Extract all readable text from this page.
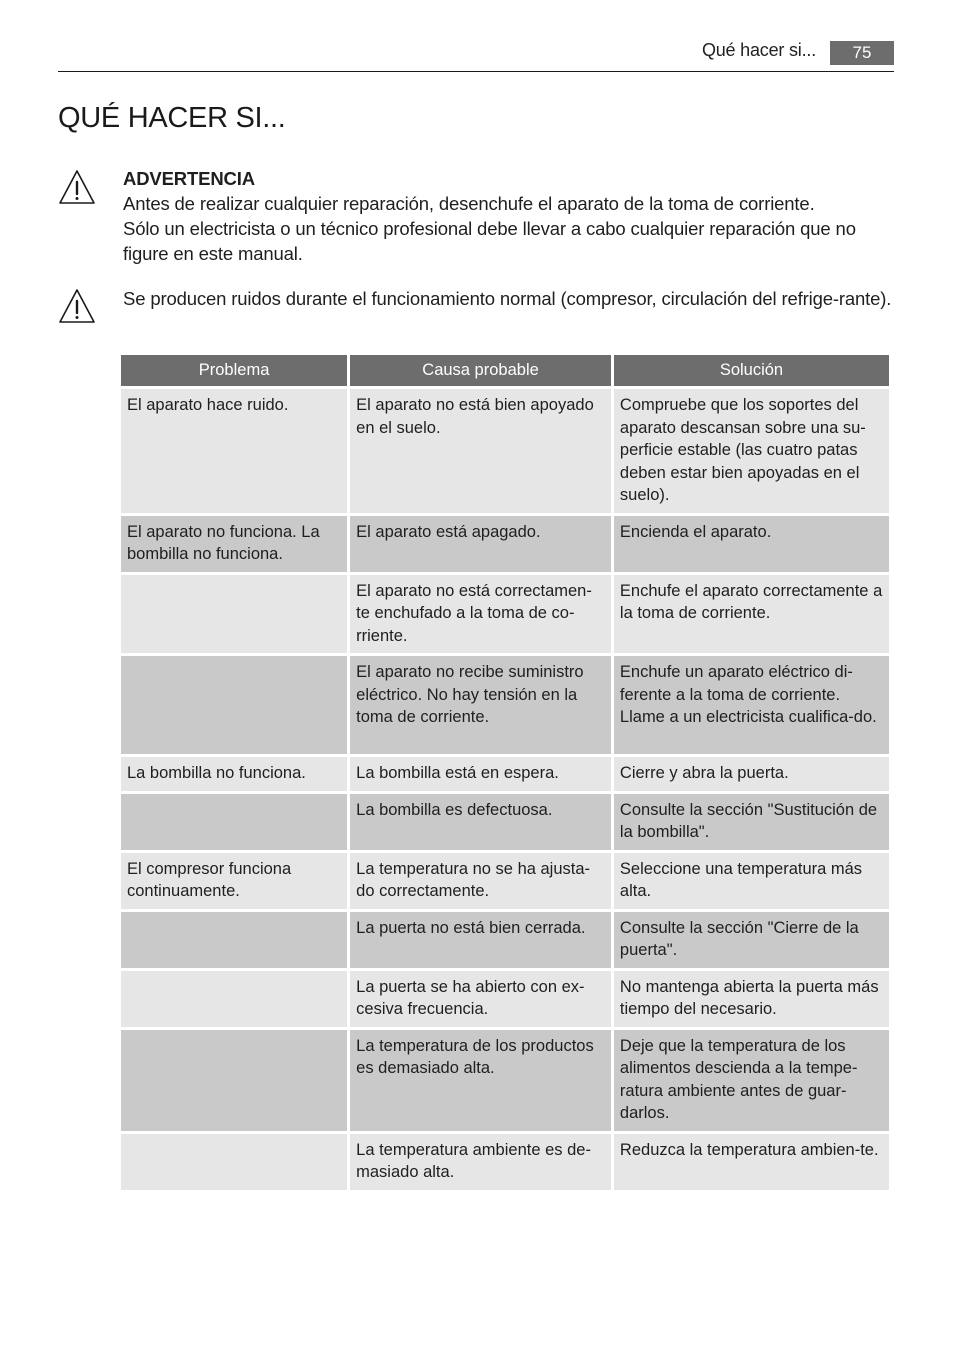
Qué hacer si...	75
QUÉ HACER SI...
ADVERTENCIA
Antes de realizar cualquier reparación, desenchufe el aparato de la toma de corriente.
Sólo un electricista o un técnico profesional debe llevar a cabo cualquier reparación que no figure en este manual.
Se producen ruidos durante el funcionamiento normal (compresor, circulación del refrige-rante).
Problema	Causa probable	Solución
El aparato hace ruido.	El aparato no está bien apoyado en el suelo.	Compruebe que los soportes del aparato descansan sobre una su-perficie estable (las cuatro patas deben estar bien apoyadas en el suelo).
El aparato no funciona. La bombilla no funciona.	El aparato está apagado.	Encienda el aparato.
	El aparato no está correctamen-te enchufado a la toma de co-rriente.	Enchufe el aparato correctamente a la toma de corriente.
	El aparato no recibe suministro eléctrico. No hay tensión en la toma de corriente.	Enchufe un aparato eléctrico di-ferente a la toma de corriente. Llame a un electricista cualifica-do.
La bombilla no funciona.	La bombilla está en espera.	Cierre y abra la puerta.
	La bombilla es defectuosa.	Consulte la sección "Sustitución de la bombilla".
El compresor funciona continuamente.	La temperatura no se ha ajusta-do correctamente.	Seleccione una temperatura más alta.
	La puerta no está bien cerrada.	Consulte la sección "Cierre de la puerta".
	La puerta se ha abierto con ex-cesiva frecuencia.	No mantenga abierta la puerta más tiempo del necesario.
	La temperatura de los productos es demasiado alta.	Deje que la temperatura de los alimentos descienda a la tempe-ratura ambiente antes de guar-darlos.
	La temperatura ambiente es de-masiado alta.	Reduzca la temperatura ambien-te.
